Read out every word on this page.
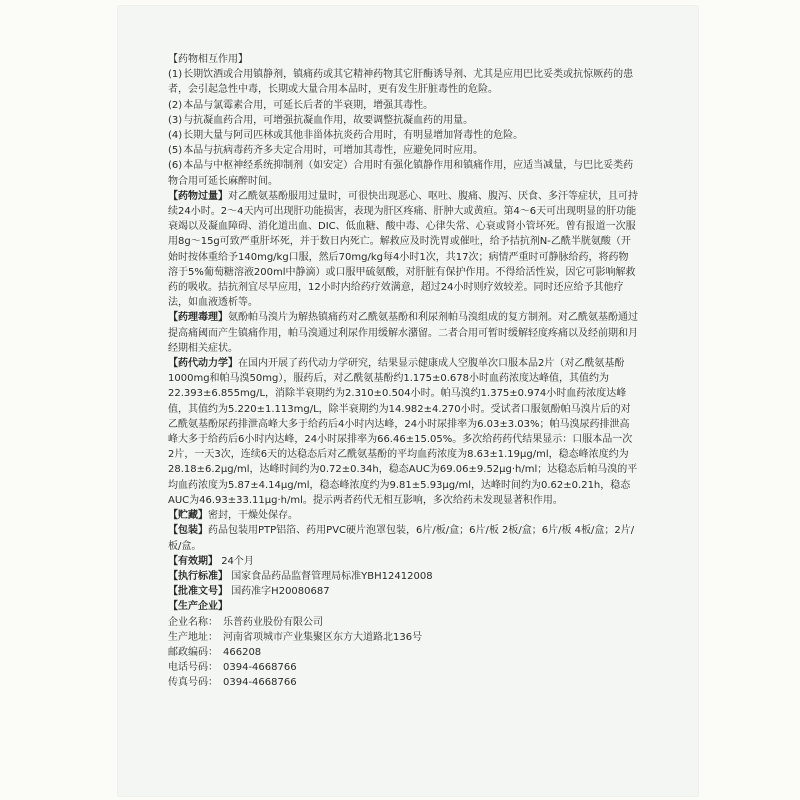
【药物相互作用】

(1) 长期饮酒或合用镇静剂，镇痛药或其它精神药物其它肝酶诱导剂、尤其是应用巴比妥类或抗惊厥药的患者，会引起急性中毒，长期或大量合用本品时，更有发生肝脏毒性的危险。
(2) 本品与氯霉素合用，可延长后者的半衰期，增强其毒性。
(3) 与抗凝血药合用，可增强抗凝血作用，故要调整抗凝血药的用量。
(4) 长期大量与阿司匹林或其他非甾体抗炎药合用时，有明显增加肾毒性的危险。
(5) 本品与抗病毒药齐多夫定合用时，可增加其毒性，应避免同时应用。
(6) 本品与中枢神经系统抑制剂（如安定）合用时有强化镇静作用和镇痛作用，应适当减量，与巴比妥类药物合用可延长麻醉时间。

【药物过量】对乙酰氨基酚服用过量时，可很快出现恶心、呕吐、腹痛、腹泻、厌食、多汗等症状，且可持续24小时。2～4天内可出现肝功能损害，表现为肝区疼痛、肝肿大或黄疸。第4～6天可出现明显的肝功能衰竭以及凝血障碍、消化道出血、DIC、低血糖、酸中毒、心律失常、心衰或肾小管坏死。曾有报道一次服用8g～15g可致严重肝坏死，并于数日内死亡。解救应及时洗胃或催吐，给予拮抗剂N-乙酰半胱氨酸（开始时按体重给予140mg/kg口服，然后70mg/kg每4小时1次，共17次；病情严重时可静脉给药，将药物溶于5%葡萄糖溶液200ml中静滴）或口服甲硫氨酸，对肝脏有保护作用。不得给活性炭，因它可影响解救药的吸收。拮抗剂宜尽早应用，12小时内给药疗效满意，超过24小时则疗效较差。同时还应给予其他疗法，如血液透析等。

【药理毒理】氨酚帕马溴片为解热镇痛药对乙酰氨基酚和利尿剂帕马溴组成的复方制剂。对乙酰氨基酚通过提高痛阈而产生镇痛作用，帕马溴通过利尿作用缓解水潴留。二者合用可暂时缓解轻度疼痛以及经前期和月经期相关症状。

【药代动力学】在国内开展了药代动力学研究，结果显示健康成人空腹单次口服本品2片（对乙酰氨基酚1000mg和帕马溴50mg），服药后，对乙酰氨基酚约1.175±0.678小时血药浓度达峰值，其值约为22.393±6.855mg/L，消除半衰期约为2.310±0.504小时。帕马溴约1.375±0.974小时血药浓度达峰值，其值约为5.220±1.113mg/L，除半衰期约为14.982±4.270小时。受试者口服氨酚帕马溴片后的对乙酰氨基酚尿药排泄高峰大多于给药后4小时内达峰，24小时尿排率为6.03±3.03%；帕马溴尿药排泄高峰大多于给药后6小时内达峰，24小时尿排率为66.46±15.05%。多次给药药代结果显示：口服本品一次2片，一天3次，连续6天的达稳态后对乙酰氨基酚的平均血药浓度为8.63±1.19μg/ml，稳态峰浓度约为28.18±6.2μg/ml，达峰时间约为0.72±0.34h，稳态AUC为69.06±9.52μg·h/ml；达稳态后帕马溴的平均血药浓度为5.87±4.14μg/ml，稳态峰浓度约为9.81±5.93μg/ml，达峰时间约为0.62±0.21h，稳态AUC为46.93±33.11μg·h/ml。提示两者药代无相互影响，多次给药未发现显著积作用。

【贮藏】密封，干燥处保存。

【包装】药品包装用PTP铝箔、药用PVC硬片泡罩包装，6片/板/盒；6片/板 2板/盒；6片/板 4板/盒；2片/板/盒。

【有效期】 24个月

【执行标准】 国家食品药品监督管理局标准YBH12412008

【批准文号】 国药准字H20080687

【生产企业】

企业名称： 乐普药业股份有限公司
生产地址： 河南省项城市产业集聚区东方大道路北136号
邮政编码： 466208
电话号码： 0394-4668766
传真号码： 0394-4668766
